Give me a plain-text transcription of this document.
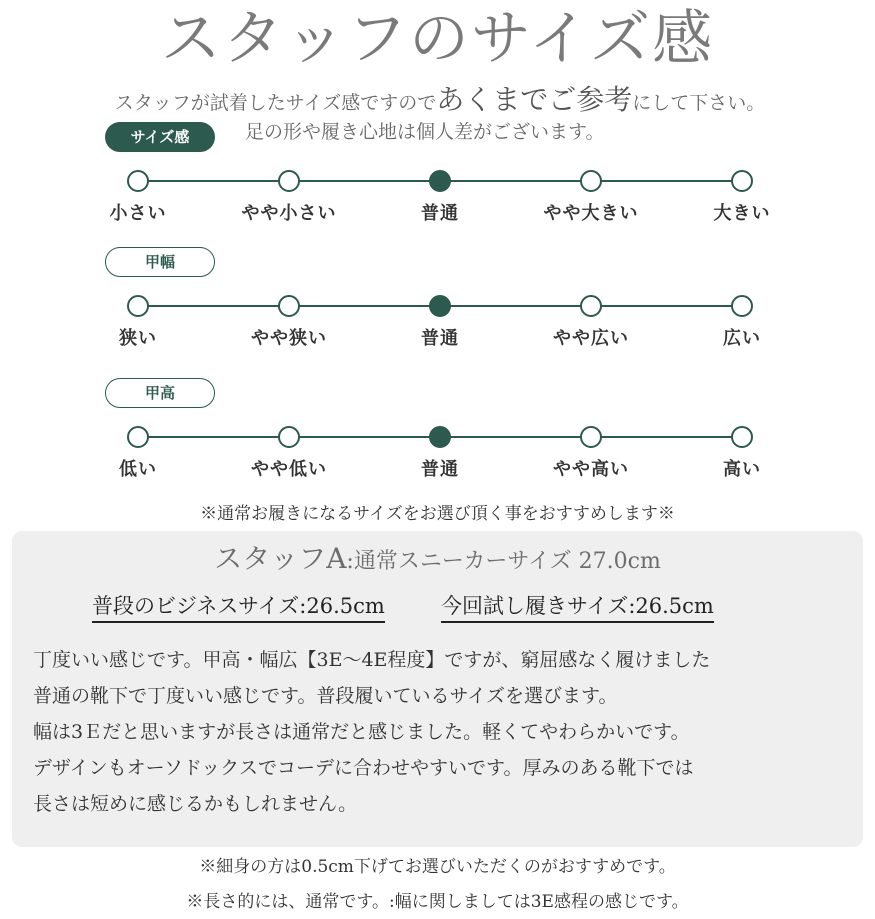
スタッフのサイズ感
スタッフが試着したサイズ感ですのであくまでご参考にして下さい。
足の形や履き心地は個人差がございます。
サイズ感
小さい	やや小さい	普通	やや大きい	大きい
甲幅
狭い	やや狭い	普通	やや広い	広い
甲高
低い	やや低い	普通	やや高い	高い
※通常お履きになるサイズをお選び頂く事をおすすめします※
スタッフA:通常スニーカーサイズ 27.0cm
普段のビジネスサイズ:26.5cm	今回試し履きサイズ:26.5cm
丁度いい感じです。甲高・幅広【3E～4E程度】ですが、窮屈感なく履けました
普通の靴下で丁度いい感じです。普段履いているサイズを選びます。
幅は3Ｅだと思いますが長さは通常だと感じました。軽くてやわらかいです。
デザインもオーソドックスでコーデに合わせやすいです。厚みのある靴下では
長さは短めに感じるかもしれません。
※細身の方は0.5cm下げてお選びいただくのがおすすめです。
※長さ的には、通常です。:幅に関しましては3E感程の感じです。
